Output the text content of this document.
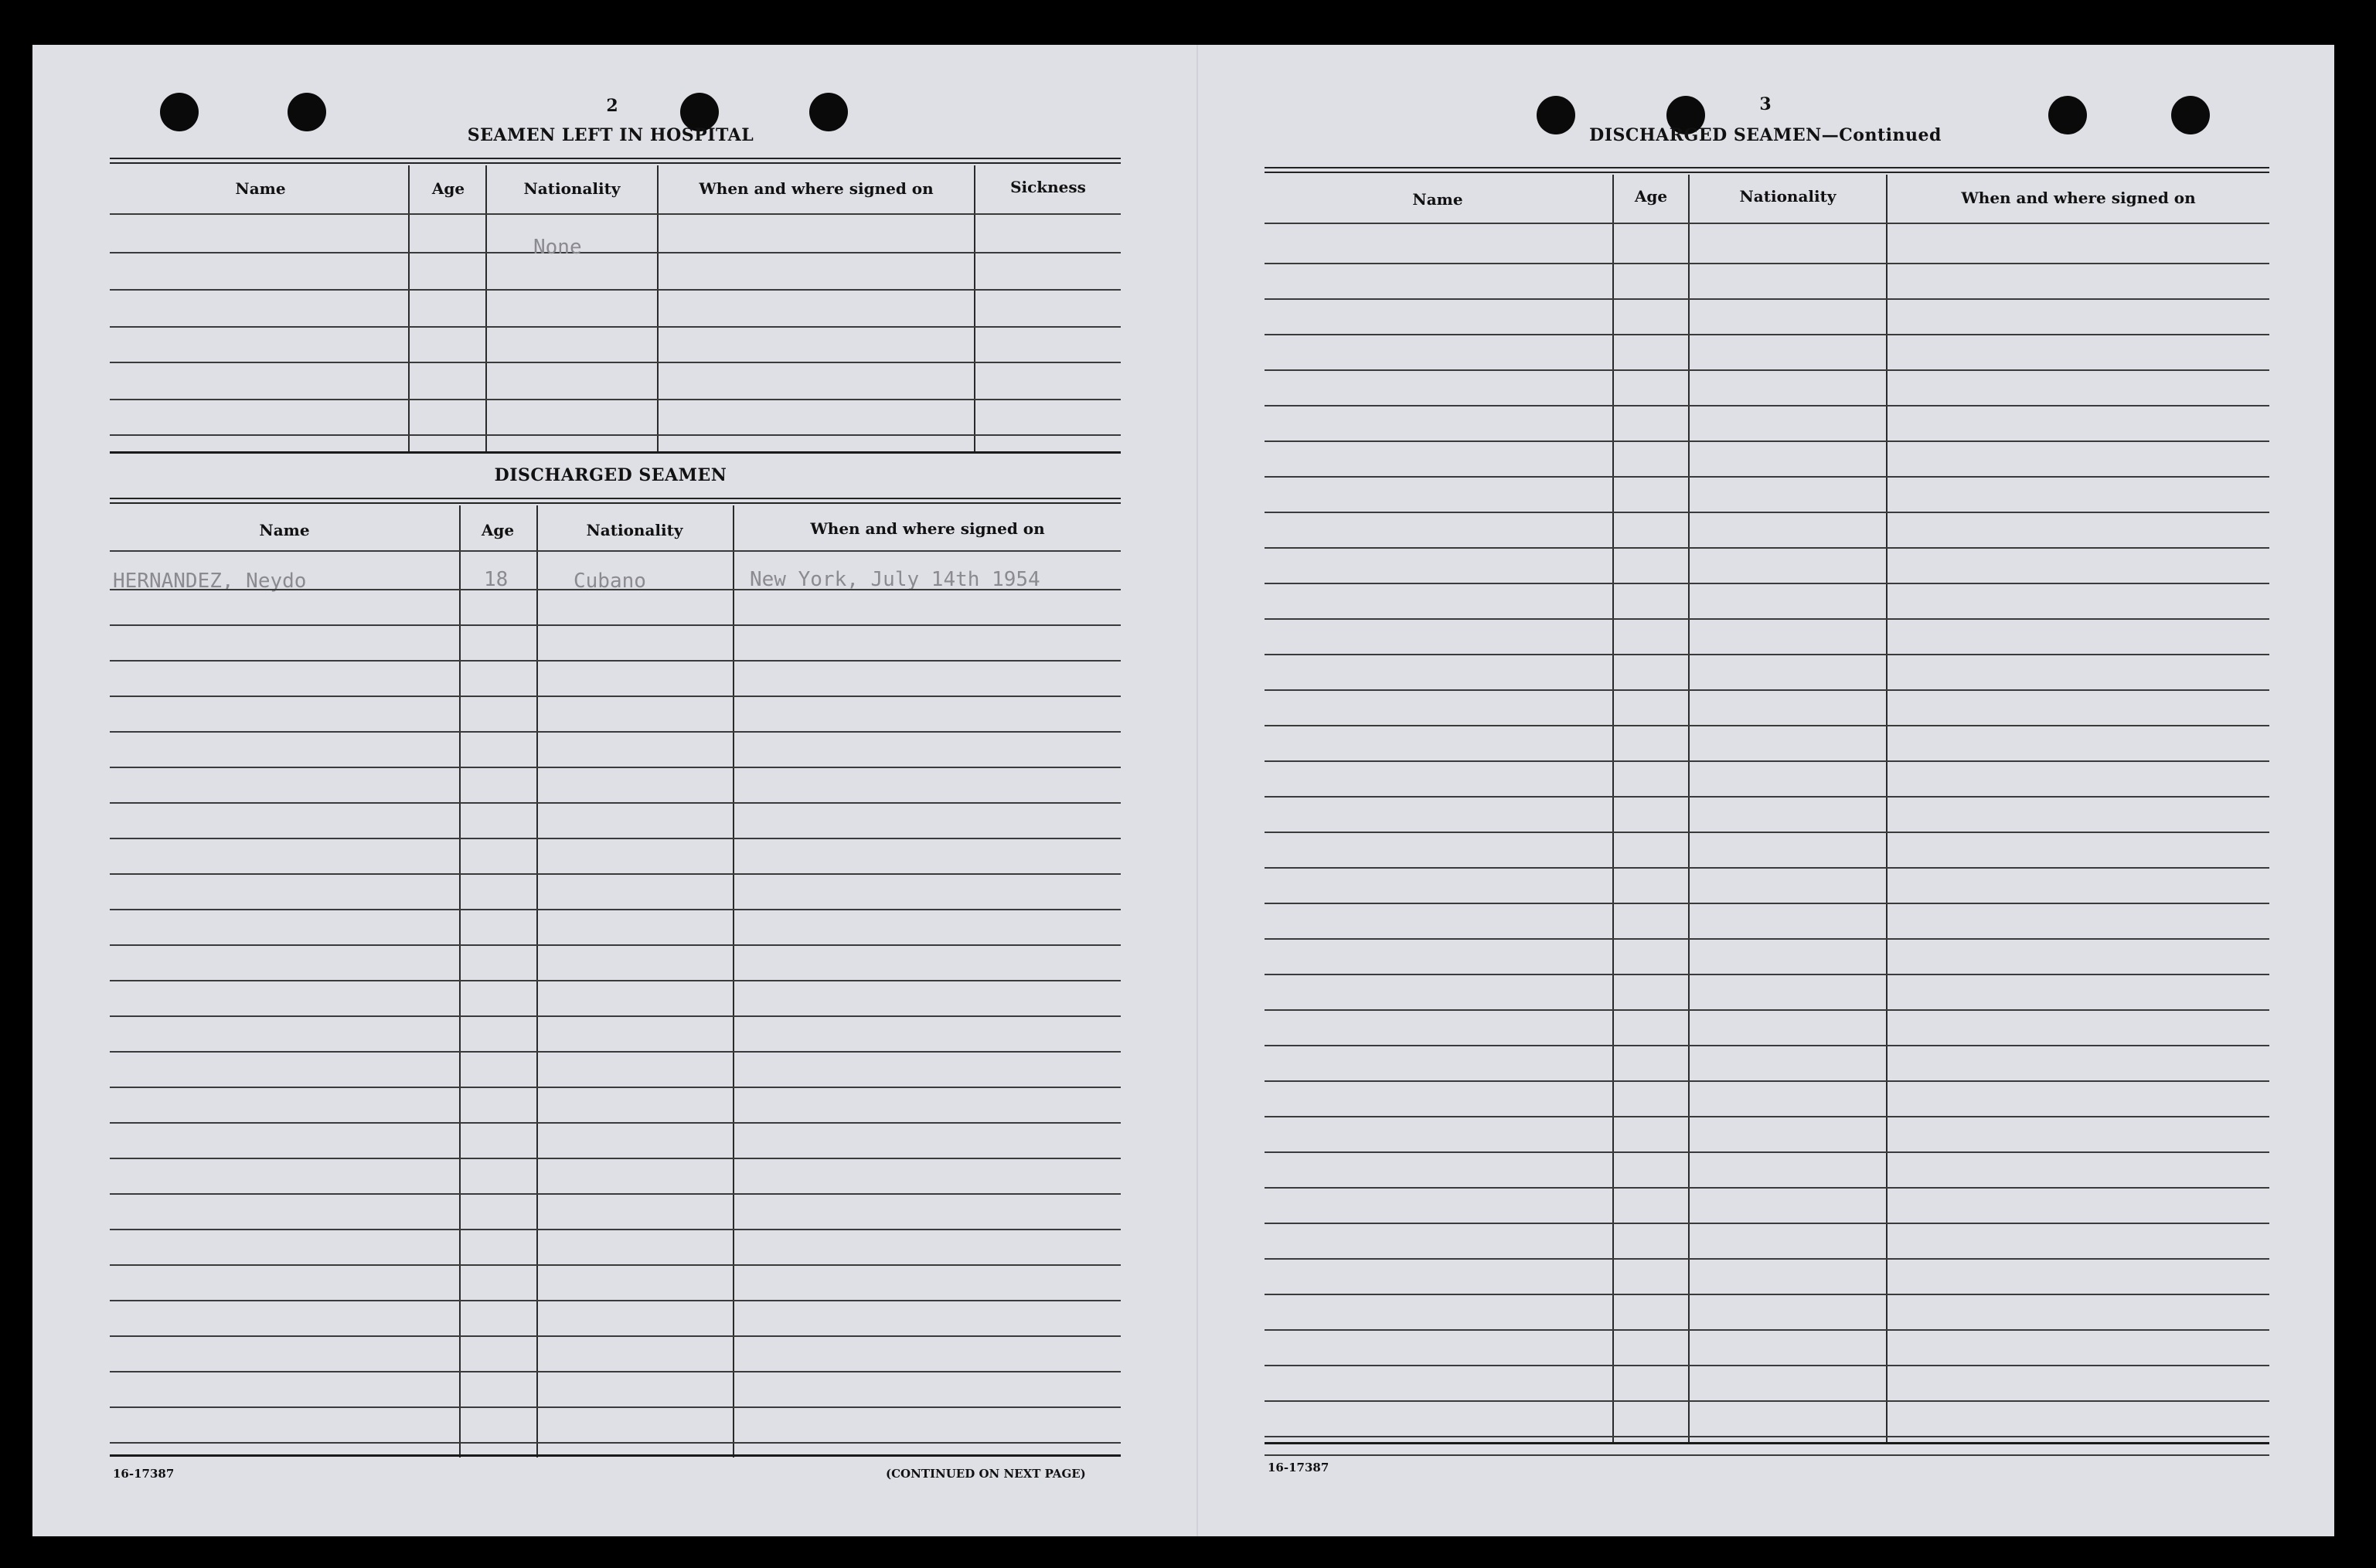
2
SEAMEN LEFT IN HOSPITAL
Name	Age	Nationality	When and where signed on	Sickness
None
DISCHARGED SEAMEN
Name	Age	Nationality	When and where signed on
HERNANDEZ, Neydo	18	Cubano	New York, July 14th 1954
16-17387	(CONTINUED ON NEXT PAGE)
3
DISCHARGED SEAMEN—Continued
Name	Age	Nationality	When and where signed on
16-17387
